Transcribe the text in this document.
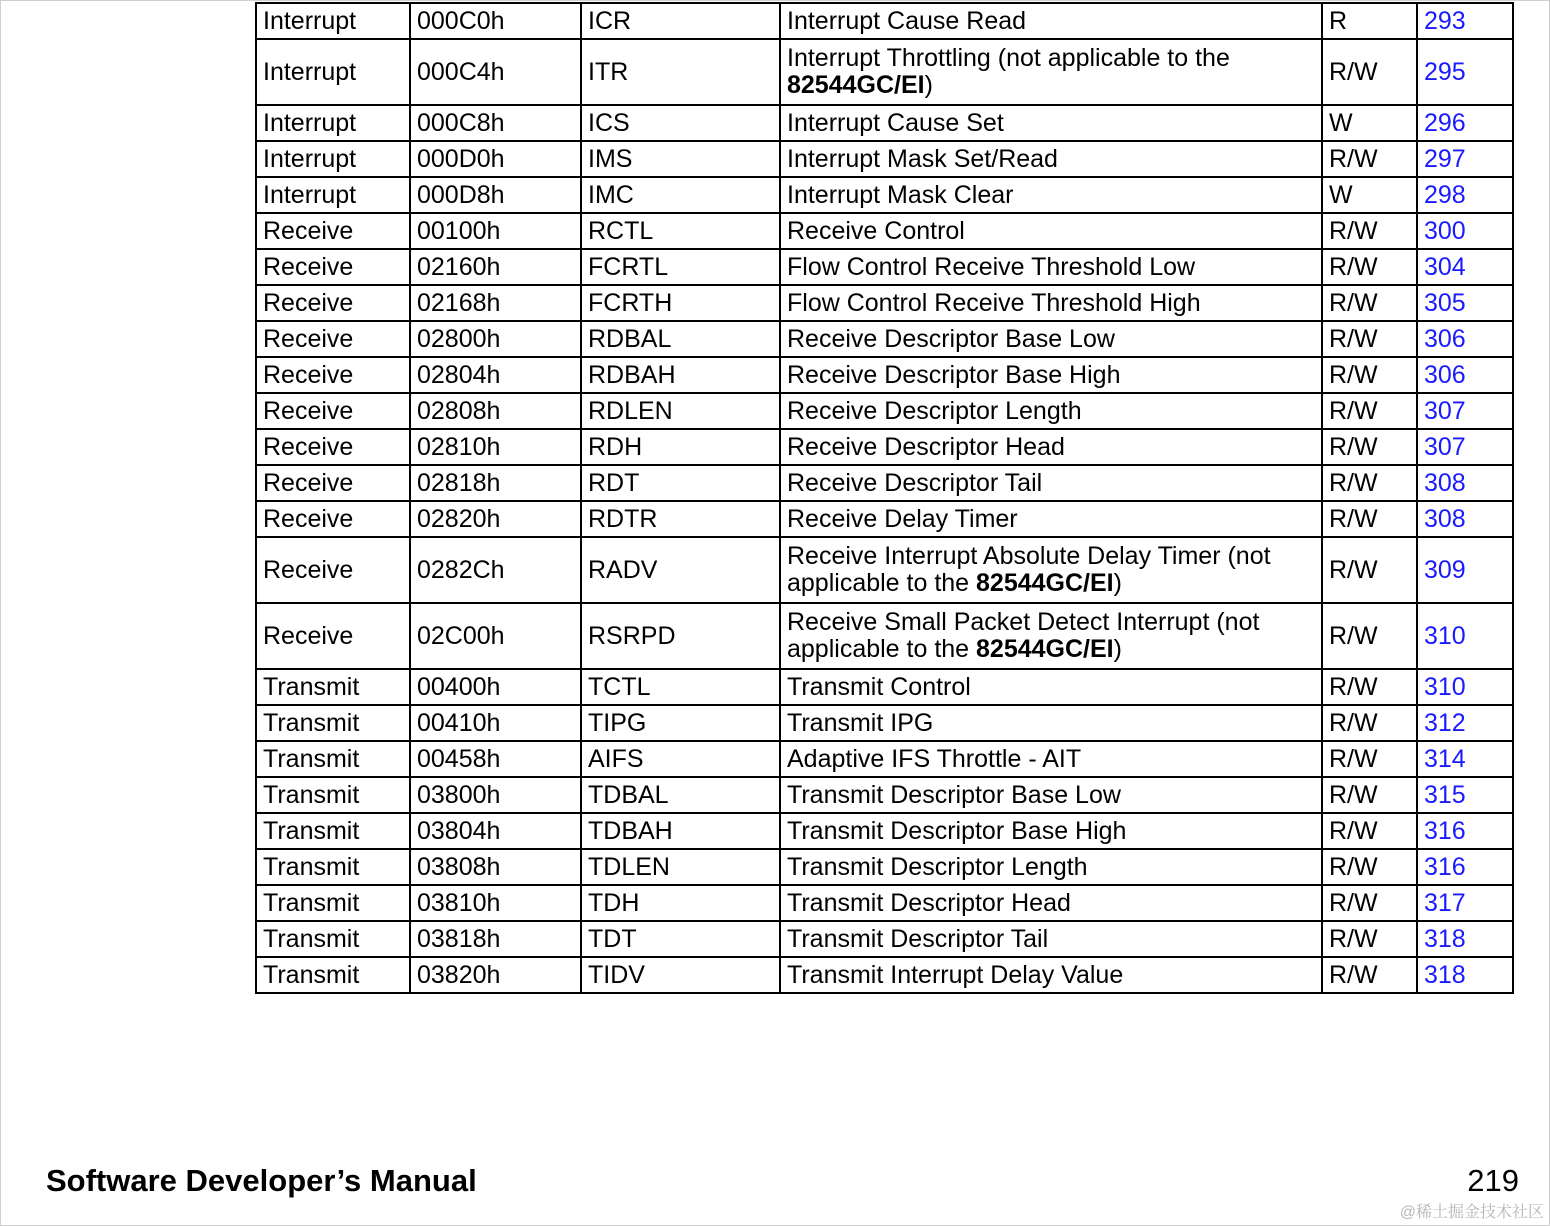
Interrupt	000C0h	ICR	Interrupt Cause Read	R	293
Interrupt	000C4h	ITR	Interrupt Throttling (not applicable to the 82544GC/EI)	R/W	295
Interrupt	000C8h	ICS	Interrupt Cause Set	W	296
Interrupt	000D0h	IMS	Interrupt Mask Set/Read	R/W	297
Interrupt	000D8h	IMC	Interrupt Mask Clear	W	298
Receive	00100h	RCTL	Receive Control	R/W	300
Receive	02160h	FCRTL	Flow Control Receive Threshold Low	R/W	304
Receive	02168h	FCRTH	Flow Control Receive Threshold High	R/W	305
Receive	02800h	RDBAL	Receive Descriptor Base Low	R/W	306
Receive	02804h	RDBAH	Receive Descriptor Base High	R/W	306
Receive	02808h	RDLEN	Receive Descriptor Length	R/W	307
Receive	02810h	RDH	Receive Descriptor Head	R/W	307
Receive	02818h	RDT	Receive Descriptor Tail	R/W	308
Receive	02820h	RDTR	Receive Delay Timer	R/W	308
Receive	0282Ch	RADV	Receive Interrupt Absolute Delay Timer (not applicable to the 82544GC/EI)	R/W	309
Receive	02C00h	RSRPD	Receive Small Packet Detect Interrupt (not applicable to the 82544GC/EI)	R/W	310
Transmit	00400h	TCTL	Transmit Control	R/W	310
Transmit	00410h	TIPG	Transmit IPG	R/W	312
Transmit	00458h	AIFS	Adaptive IFS Throttle - AIT	R/W	314
Transmit	03800h	TDBAL	Transmit Descriptor Base Low	R/W	315
Transmit	03804h	TDBAH	Transmit Descriptor Base High	R/W	316
Transmit	03808h	TDLEN	Transmit Descriptor Length	R/W	316
Transmit	03810h	TDH	Transmit Descriptor Head	R/W	317
Transmit	03818h	TDT	Transmit Descriptor Tail	R/W	318
Transmit	03820h	TIDV	Transmit Interrupt Delay Value	R/W	318
Software Developer’s Manual	219
@稀土掘金技术社区
